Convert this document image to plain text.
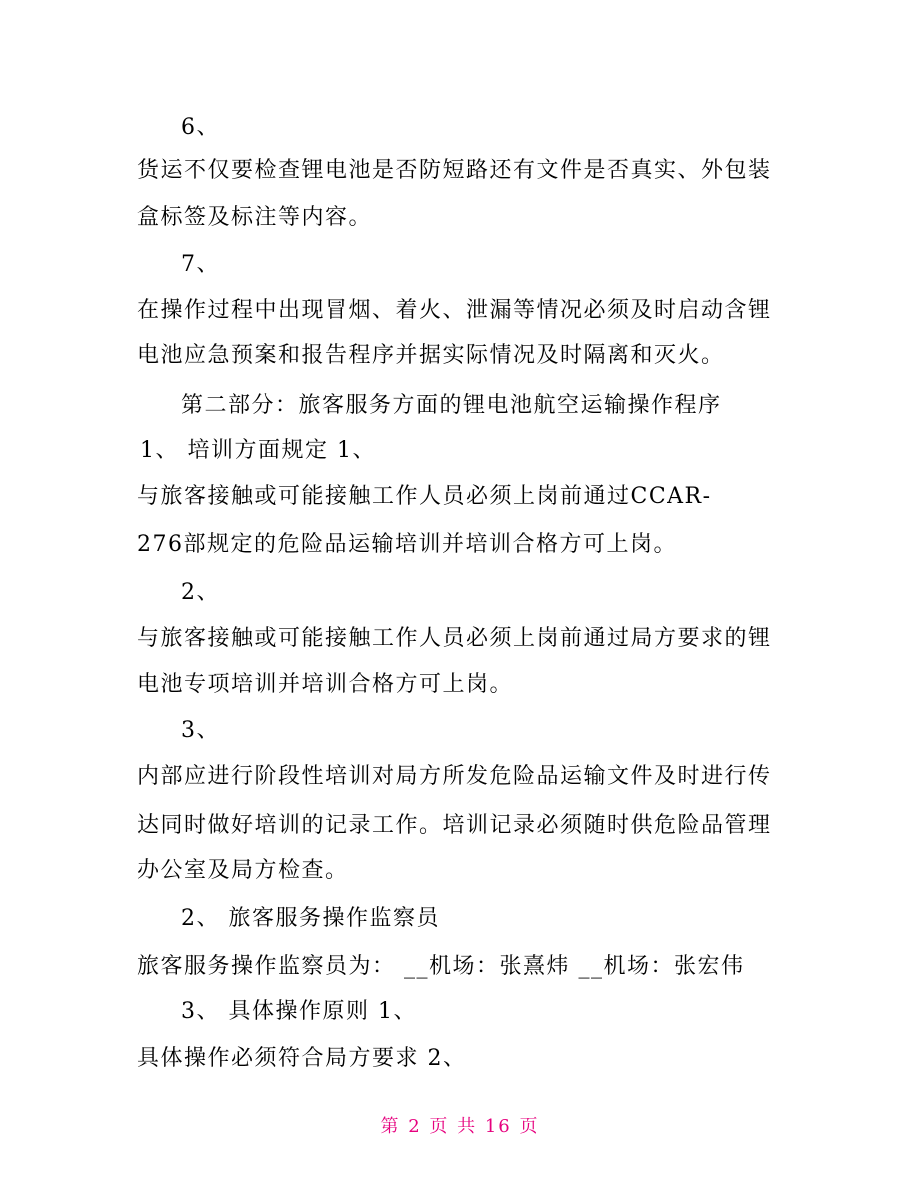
6、
货运不仅要检查锂电池是否防短路还有文件是否真实、外包装
盒标签及标注等内容。
7、
在操作过程中出现冒烟、着火、泄漏等情况必须及时启动含锂
电池应急预案和报告程序并据实际情况及时隔离和灭火。
第二部分：旅客服务方面的锂电池航空运输操作程序
1、 培训方面规定 1、
与旅客接触或可能接触工作人员必须上岗前通过CCAR-
276部规定的危险品运输培训并培训合格方可上岗。
2、
与旅客接触或可能接触工作人员必须上岗前通过局方要求的锂
电池专项培训并培训合格方可上岗。
3、
内部应进行阶段性培训对局方所发危险品运输文件及时进行传
达同时做好培训的记录工作。培训记录必须随时供危险品管理
办公室及局方检查。
2、 旅客服务操作监察员
旅客服务操作监察员为： __机场：张熹炜 __机场：张宏伟
3、 具体操作原则 1、
具体操作必须符合局方要求 2、
第 2 页 共 16 页
